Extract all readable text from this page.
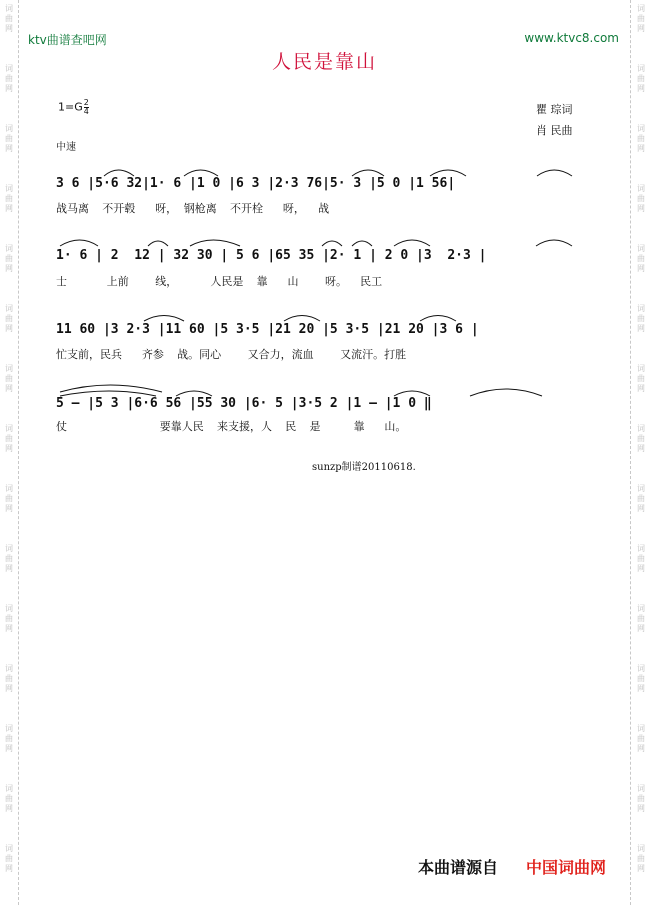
词曲网
词曲网
词曲网
词曲网
词曲网
词曲网
词曲网
词曲网
词曲网
词曲网
词曲网
词曲网
词曲网
词曲网
词曲网
词曲网
词曲网
词曲网
词曲网
词曲网
词曲网
词曲网
词曲网
词曲网
词曲网
词曲网
词曲网
词曲网
词曲网
词曲网
ktv曲谱查吧网	www.ktvc8.com
人民是靠山
$1=G \frac{2}{4}$	瞿 琮词
肖 民曲
中速
3 6 |5·6 32|1· 6 |1 0 |6 3 |2·3 76|5· 3 |5 0 |1 56|
战马离  不开毂   呀， 钢枪离  不开栓   呀，  战
1· 6 | 2  12 | 32 30 | 5 6 |65 35 |2· 1 | 2 0 |3  2·3 |
士      上前    线，     人民是  靠   山    呀。  民工
11 60 |3 2·3 |11 60 |5 3·5 |21 20 |5 3·5 |21 20 |3 6 |
忙支前，民兵   齐参  战。同心    又合力，流血    又流汗。打胜
5 – |5 3 |6·6 56 |55 30 |6· 5 |3·5 2 |1 – |1 0 ‖
仗              要靠人民  来支援，人  民  是     靠   山。
sunzp制谱20110618.
本曲谱源自 中国词曲网
